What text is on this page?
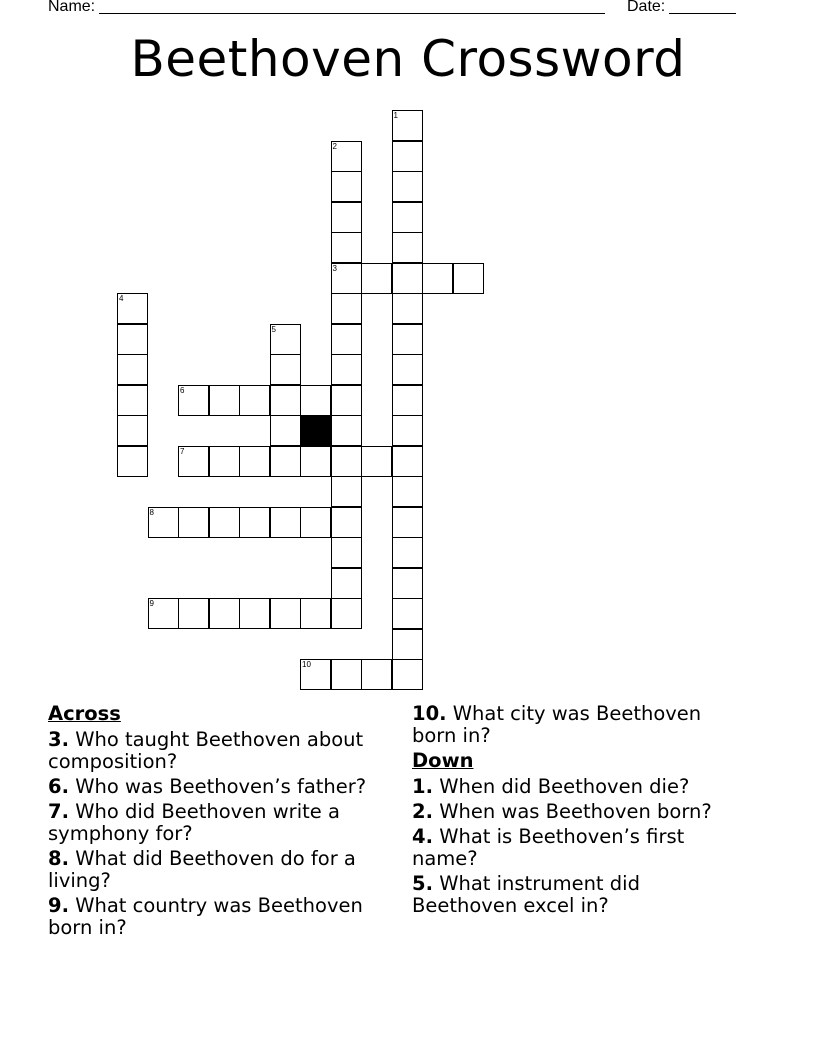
Name:	Date:
Beethoven Crossword
1
2
3
4
5
6
7
8
9
10
Across
3. Who taught Beethoven about composition?
6. Who was Beethoven’s father?
7. Who did Beethoven write a symphony for?
8. What did Beethoven do for a living?
9. What country was Beethoven born in?
10. What city was Beethoven born in?
Down
1. When did Beethoven die?
2. When was Beethoven born?
4. What is Beethoven’s first name?
5. What instrument did Beethoven excel in?
